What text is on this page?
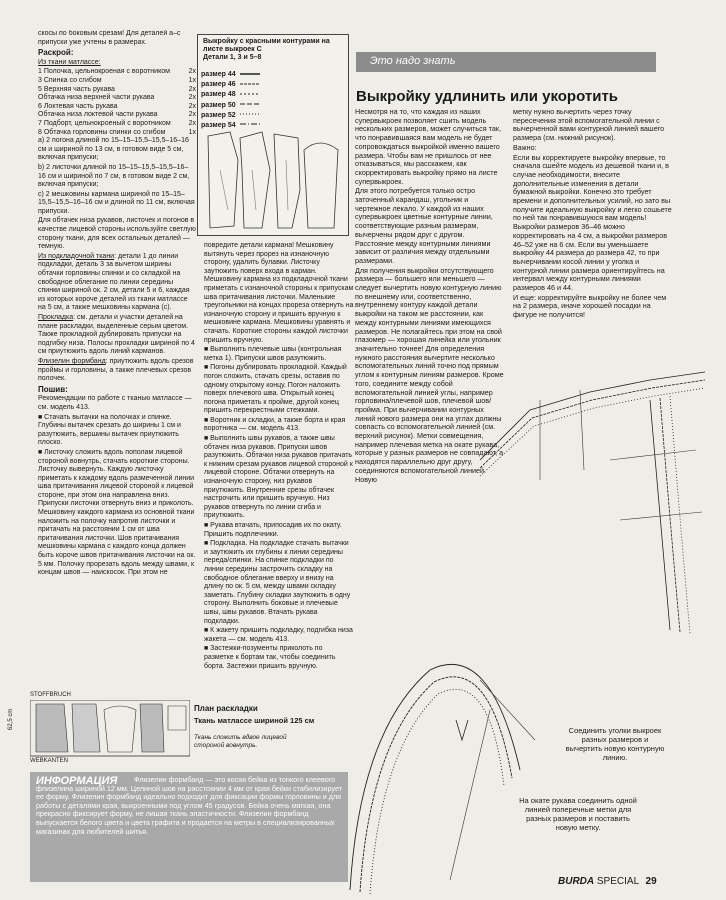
скосы по боковым срезам! Для деталей а–с припуски уже учтены в размерах.

Раскрой:

Из ткани матлассе:

1 Полочка, цельнокроеная с воротником	2x
3 Спинка со сгибом	1x
5 Верхняя часть рукава	2x
Обтачка низа верхней части рукава	2x
6 Локтевая часть рукава	2x
Обтачка низа локтевой части рукава	2x
7 Подборт, цельнокроеный с воротником	2x
8 Обтачка горловины спинки со сгибом	1x

а) 2 погона длиной по 15–15–15,5–15,5–16–16 см и шириной по 13 см, в готовом виде 5 см, включая припуски;

b) 2 листочки длиной по 15–15–15,5–15,5–16–16 см и шириной по 7 см, в готовом виде 2 см, включая припуски;

с) 2 мешковины кармана шириной по 15–15–15,5–15,5–16–16 см и длиной по 11 см, включая припуски.

Для обтачек низа рукавов, листочек и погонов в качестве лицевой стороны используйте светлую сторону ткани, для всех остальных деталей — темную.

Из подкладочной ткани: детали 1 до линии подкладки, деталь 3 за вычетом ширины обтачки горловины спинки и со складкой на свободное облегание по линии середины спинки шириной ок. 2 см, детали 5 и 6, каждая из которых короче деталей из ткани матлассе на 5 см, а также мешковины кармана (с).

Прокладка: см. детали и участки деталей на плане раскладки, выделенные серым цветом. Также прокладкой дублировать припуски на подгибку низа. Полосы прокладки шириной по 4 см приутюжить вдоль линий карманов.

Флизелин формбанд: приутюжить вдоль срезов проймы и горловины, а также плечевых срезов полочек.

Пошив:

Рекомендации по работе с тканью матлассе — см. модель 413.

■ Стачать вытачки на полочках и спинке. Глубины вытачек срезать до ширины 1 см и разутюжить, вершины вытачек приутюжить плоско.

■ Листочку сложить вдоль пополам лицевой стороной вовнутрь, стачать короткие стороны. Листочку вывернуть. Каждую листочку приметать к каждому вдоль размеченной линии шва притачивания лицевой стороной к лицевой стороне, при этом она направлена вниз. Припуски листочки отвернуть вниз и приколоть. Мешковину каждого кармана из основной ткани наложить на полочку напротив листочки и притачать на расстоянии 1 см от шва притачивания листочки. Шов притачивания мешковины кармана с каждого конца должен быть короче швов притачивания листочки на ок. 5 мм. Полочку прорезать вдоль между швами, к концам швов — наискосок. При этом не

Выкройку с красными контурами на листе выкроек С
Детали 1, 3 и 5–8
размер 44
размер 46
размер 48
размер 50
размер 52
размер 54

повредите детали кармана! Мешковину вытянуть через прорез на изнаночную сторону, удалить булавки. Листочку заутюжить поверх входа в карман. Мешковину кармана из подкладочной ткани приметать с изнаночной стороны к припускам шва притачивания листочки. Маленькие треугольники на концах прореза отвернуть на изнаночную сторону и пришить вручную к мешковине кармана. Мешковины уравнять и стачать. Короткие стороны каждой листочки пришить вручную.

■ Выполнить плечевые швы (контрольная метка 1). Припуски швов разутюжить.

■ Погоны дублировать прокладкой. Каждый погон сложить, стачать срезы, оставив по одному открытому концу. Погон наложить поверх плечевого шва. Открытый конец погона приметать к пройме, другой конец пришить перекрестными стежками.

■ Воротник и складки, а также борта и края воротника — см. модель 413.

■ Выполнить швы рукавов, а также швы обтачек низа рукавов. Припуски швов разутюжить. Обтачки низа рукавов притачать к нижним срезам рукавов лицевой стороной к лицевой стороне. Обтачки отвернуть на изнаночную сторону, низ рукавов приутюжить. Внутренние срезы обтачек настрочить или пришить вручную. Низ рукавов отвернуть по линии сгиба и приутюжить.

■ Рукава втачать, припосадив их по окату. Пришить подплечники.

■ Подкладка. На подкладке стачать вытачки и заутюжить их глубины к линии середины переда/спинки. На спинке подкладки по линии середины застрочить складку на свободное облегание вверху и внизу на длину по ок. 5 см, между швами складку заметать. Глубину складки заутюжить в одну сторону. Выполнить боковые и плечевые швы, швы рукавов. Втачать рукава подкладки.

■ К жакету пришить подкладку, подгибка низа жакета — см. модель 413.

■ Застежки-позументы приколоть по разметке к бортам так, чтобы соединить борта. Застежки пришить вручную.

Это надо знать
Выкройку удлинить или укоротить

Несмотря на то, что каждая из наших супервыкроек позволяет сшить модель нескольких размеров, может случиться так, что понравившаяся вам модель не будет сопровождаться выкройкой именно вашего размера. Чтобы вам не пришлось от нее отказываться, мы расскажем, как скорректировать выкройку прямо на листе супервыкроек.

Для этого потребуется только остро заточенный карандаш, угольник и чертежное лекало. У каждой из наших супервыкроек цветные контурные линии, соответствующие разным размерам, вычерчены рядом друг с другом. Расстояние между контурными линиями зависит от различия между отдельными размерами.

Для получения выкройки отсутствующего размера — большего или меньшего — следует вычертить новую контурную линию по внешнему или, соответственно, внутреннему контуру каждой детали выкройки на таком же расстоянии, как между контурными линиями имеющихся размеров. Не полагайтесь при этом на свой глазомер — хорошая линейка или угольник значительно точнее! Для определения нужного расстояния вычертите несколько вспомогательных линий точно под прямым углом к контурным линиям размеров. Кроме того, соедините между собой вспомогательной линией углы, например горловина/плечевой шов, плечевой шов/пройма. При вычерчивании контурных линий нового размера они на углах должны совпасть со вспомогательной линией (см. верхний рисунок). Метки совмещения, например плечевая метка на окате рукава, которые у разных размеров не совпадают, а находятся параллельно друг другу, соединяются вспомогательной линией. Новую

метку нужно вычертить через точку пересечения этой вспомогательной линии с вычерченной вами контурной линией вашего размера (см. нижний рисунок).

Важно:

Если вы корректируете выкройку впервые, то сначала сшейте модель из дешевой ткани и, в случае необходимости, внесите дополнительные изменения в детали бумажной выкройки. Конечно это требует времени и дополнительных усилий, но зато вы получите идеальную выкройку и легко сошьете по ней так понравившуюся вам модель! Выкройки размеров 36–46 можно корректировать на 4 см, а выкройки размеров 46–52 уже на 6 см. Если вы уменьшаете выкройку 44 размера до размера 42, то при вычерчивании косой линии у уголка и контурной линии размера ориентируйтесь на интервал между контурными линиями размеров 46 и 44.

И еще: корректируйте выкройку не более чем на 2 размера, иначе хорошей посадки на фигуре не получится!

Соединить уголки выкроек разных размеров и вычертить новую контурную линию.
На окате рукава соединить одной линией поперечные метки для разных размеров и поставить новую метку.
STOFFBRUCH
WEBKANTEN
План раскладки
Ткань матлассе шириной 125 см
Ткань сложить вдвое лицевой стороной вовнутрь.
62,5 cm
Флизелин формбанд — это косая бейка из тонкого клеевого флизелина шириной 12 мм. Целиной шов на расстоянии 4 мм от края бейки стабилизирует ее форму. Флизелин формбанд идеально подходит для фиксации формы горловины и для работы с деталями края, выкроенными под углом 45 градусов. Бейка очень мягкая, она прекрасно фиксирует форму, не лишая ткань эластичности. Флизелин формбанд выпускается белого цвета и цвета графита и продается на метры в специализированных магазинах для любителей шитья.
ИНФОРМАЦИЯ
BURDA SPECIAL 29
